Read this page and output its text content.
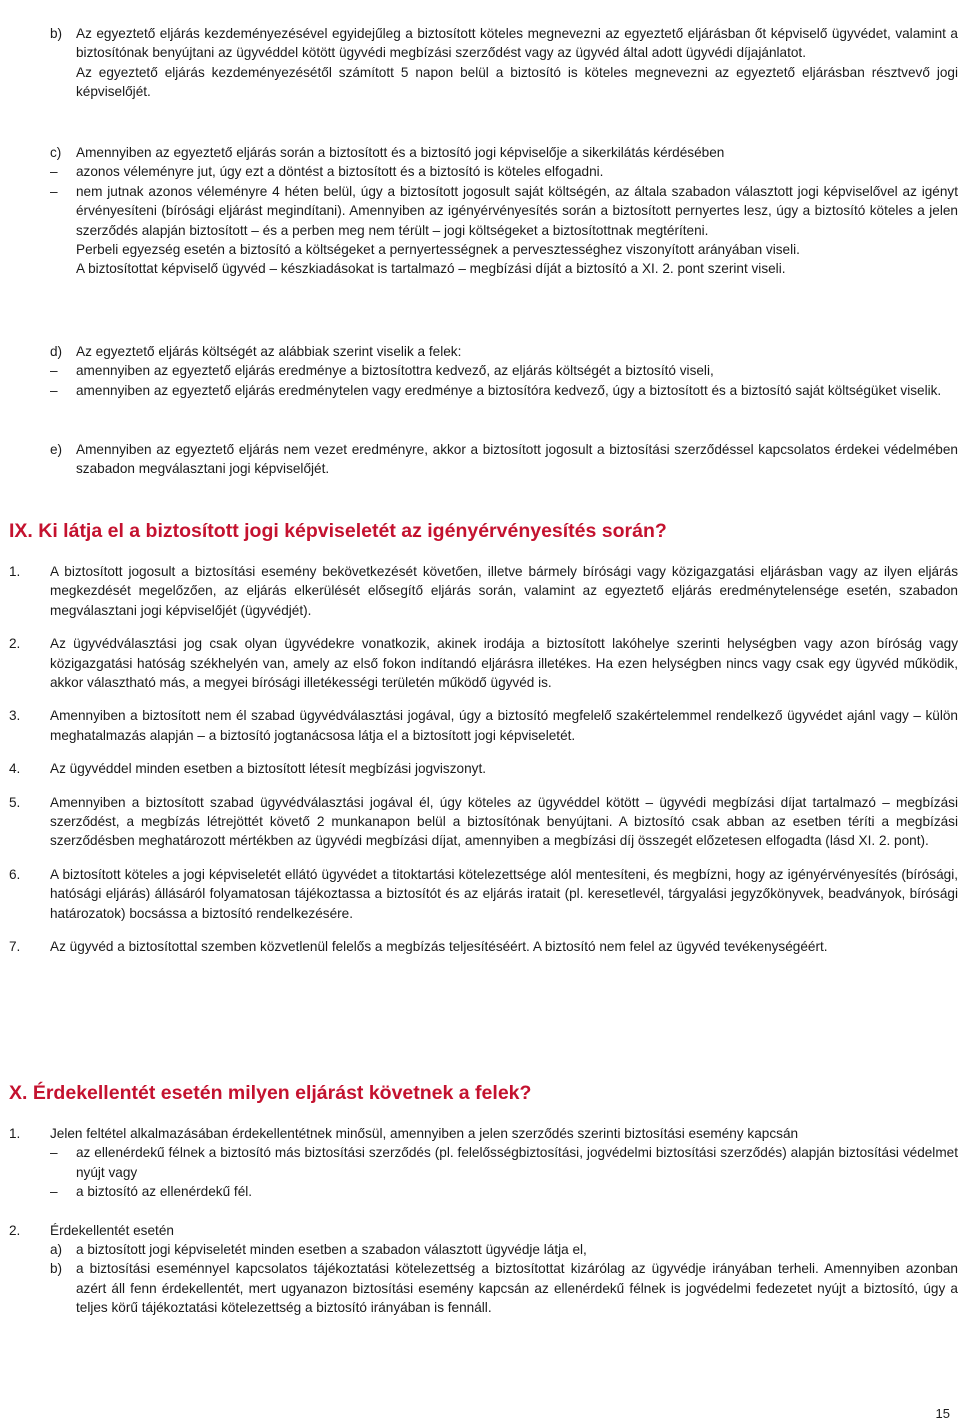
b)	Az egyeztető eljárás kezdeményezésével egyidejűleg a biztosított köteles megnevezni az egyeztető eljárásban őt képviselő ügyvédet, valamint a biztosítónak benyújtani az ügyvéddel kötött ügyvédi megbízási szerződést vagy az ügyvéd által adott ügyvédi díjajánlatot.
Az egyeztető eljárás kezdeményezésétől számított 5 napon belül a biztosító is köteles megnevezni az egyeztető eljárásban résztvevő jogi képviselőjét.
c)	Amennyiben az egyeztető eljárás során a biztosított és a biztosító jogi képviselője a sikerkilátás kérdésében
–	azonos véleményre jut, úgy ezt a döntést a biztosított és a biztosító is köteles elfogadni.
–	nem jutnak azonos véleményre 4 héten belül, úgy a biztosított jogosult saját költségén, az általa szabadon választott jogi képviselővel az igényt érvényesíteni (bírósági eljárást megindítani). Amennyiben az igényérvényesítés során a biztosított pernyertes lesz, úgy a biztosító köteles a jelen szerződés alapján biztosított – és a perben meg nem térült – jogi költségeket a biztosítottnak megtéríteni.
Perbeli egyezség esetén a biztosító a költségeket a pernyertességnek a pervesztességhez viszonyított arányában viseli.
A biztosítottat képviselő ügyvéd – készkiadásokat is tartalmazó – megbízási díját a biztosító a XI. 2. pont szerint viseli.
d)	Az egyeztető eljárás költségét az alábbiak szerint viselik a felek:
–	amennyiben az egyeztető eljárás eredménye a biztosítottra kedvező, az eljárás költségét a biztosító viseli,
–	amennyiben az egyeztető eljárás eredménytelen vagy eredménye a biztosítóra kedvező, úgy a biztosított és a biztosító saját költségüket viselik.
e)	Amennyiben az egyeztető eljárás nem vezet eredményre, akkor a biztosított jogosult a biztosítási szerződéssel kapcsolatos érdekei védelmében szabadon megválasztani jogi képviselőjét.
IX. Ki látja el a biztosított jogi képviseletét az igényérvényesítés során?
1.	A biztosított jogosult a biztosítási esemény bekövetkezését követően, illetve bármely bírósági vagy közigazgatási eljárásban vagy az ilyen eljárás megkezdését megelőzően, az eljárás elkerülését elősegítő eljárás során, valamint az egyeztető eljárás eredménytelensége esetén, szabadon megválasztani jogi képviselőjét (ügyvédjét).
2.	Az ügyvédválasztási jog csak olyan ügyvédekre vonatkozik, akinek irodája a biztosított lakóhelye szerinti helységben vagy azon bíróság vagy közigazgatási hatóság székhelyén van, amely az első fokon indítandó eljárásra illetékes. Ha ezen helységben nincs vagy csak egy ügyvéd működik, akkor választható más, a megyei bírósági illetékességi területén működő ügyvéd is.
3.	Amennyiben a biztosított nem él szabad ügyvédválasztási jogával, úgy a biztosító megfelelő szakértelemmel rendelkező ügyvédet ajánl vagy – külön meghatalmazás alapján – a biztosító jogtanácsosa látja el a biztosított jogi képviseletét.
4.	Az ügyvéddel minden esetben a biztosított létesít megbízási jogviszonyt.
5.	Amennyiben a biztosított szabad ügyvédválasztási jogával él, úgy köteles az ügyvéddel kötött – ügyvédi megbízási díjat tartalmazó – megbízási szerződést, a megbízás létrejöttét követő 2 munkanapon belül a biztosítónak benyújtani. A biztosító csak abban az esetben téríti a megbízási szerződésben meghatározott mértékben az ügyvédi megbízási díjat, amennyiben a megbízási díj összegét előzetesen elfogadta (lásd XI. 2. pont).
6.	A biztosított köteles a jogi képviseletét ellátó ügyvédet a titoktartási kötelezettsége alól mentesíteni, és megbízni, hogy az igényérvényesítés (bírósági, hatósági eljárás) állásáról folyamatosan tájékoztassa a biztosítót és az eljárás iratait (pl. keresetlevél, tárgyalási jegyzőkönyvek, beadványok, bírósági határozatok) bocsássa a biztosító rendelkezésére.
7.	Az ügyvéd a biztosítottal szemben közvetlenül felelős a megbízás teljesítéséért. A biztosító nem felel az ügyvéd tevékenységéért.
X. Érdekellentét esetén milyen eljárást követnek a felek?
1.	Jelen feltétel alkalmazásában érdekellentétnek minősül, amennyiben a jelen szerződés szerinti biztosítási esemény kapcsán
–	az ellenérdekű félnek a biztosító más biztosítási szerződés (pl. felelősségbiztosítási, jogvédelmi biztosítási szerződés) alapján biztosítási védelmet nyújt vagy
–	a biztosító az ellenérdekű fél.
2.	Érdekellentét esetén
a)	a biztosított jogi képviseletét minden esetben a szabadon választott ügyvédje látja el,
b)	a biztosítási eseménnyel kapcsolatos tájékoztatási kötelezettség a biztosítottat kizárólag az ügyvédje irányában terheli. Amennyiben azonban azért áll fenn érdekellentét, mert ugyanazon biztosítási esemény kapcsán az ellenérdekű félnek is jogvédelmi fedezetet nyújt a biztosító, úgy a teljes körű tájékoztatási kötelezettség a biztosító irányában is fennáll.
15
